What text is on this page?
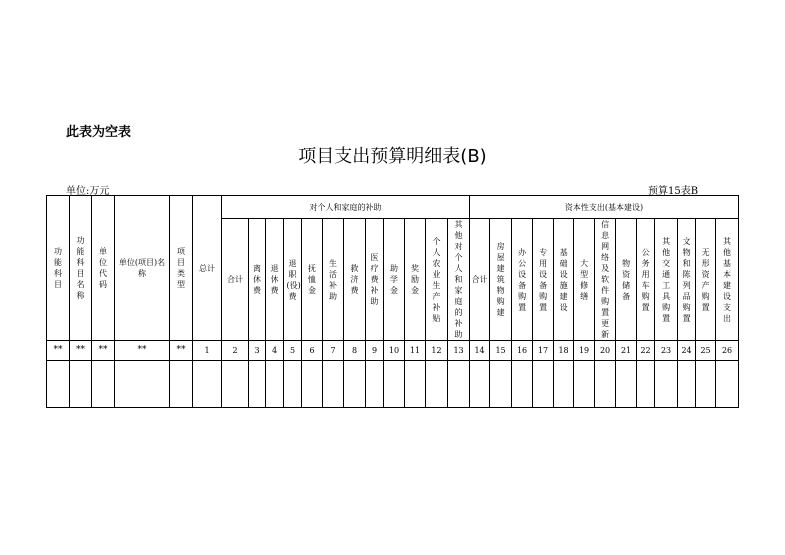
此表为空表
项目支出预算明细表(B)
单位:万元	预算15表B
功能科目	功能科目名称	单位代码	单位(项目)名称	项目类型	总计	对个人和家庭的补助												资本性支出(基本建设)												
						合计	离休费	退休费	退职(役)费	抚恤金	生活补助	救济费	医疗费补助	助学金	奖励金	个人农业生产补贴	其他对个人和家庭的补助	合计	房屋建筑物购建	办公设备购置	专用设备购置	基础设施建设	大型修缮	信息网络及软件购置更新	物资储备	公务用车购置	其他交通工具购置	文物和陈列品购置	无形资产购置	其他基本建设支出

**	**	**	**	**	1	2	3	4	5	6	7	8	9	10	11	12	13	14	15	16	17	18	19	20	21	22	23	24	25	26
